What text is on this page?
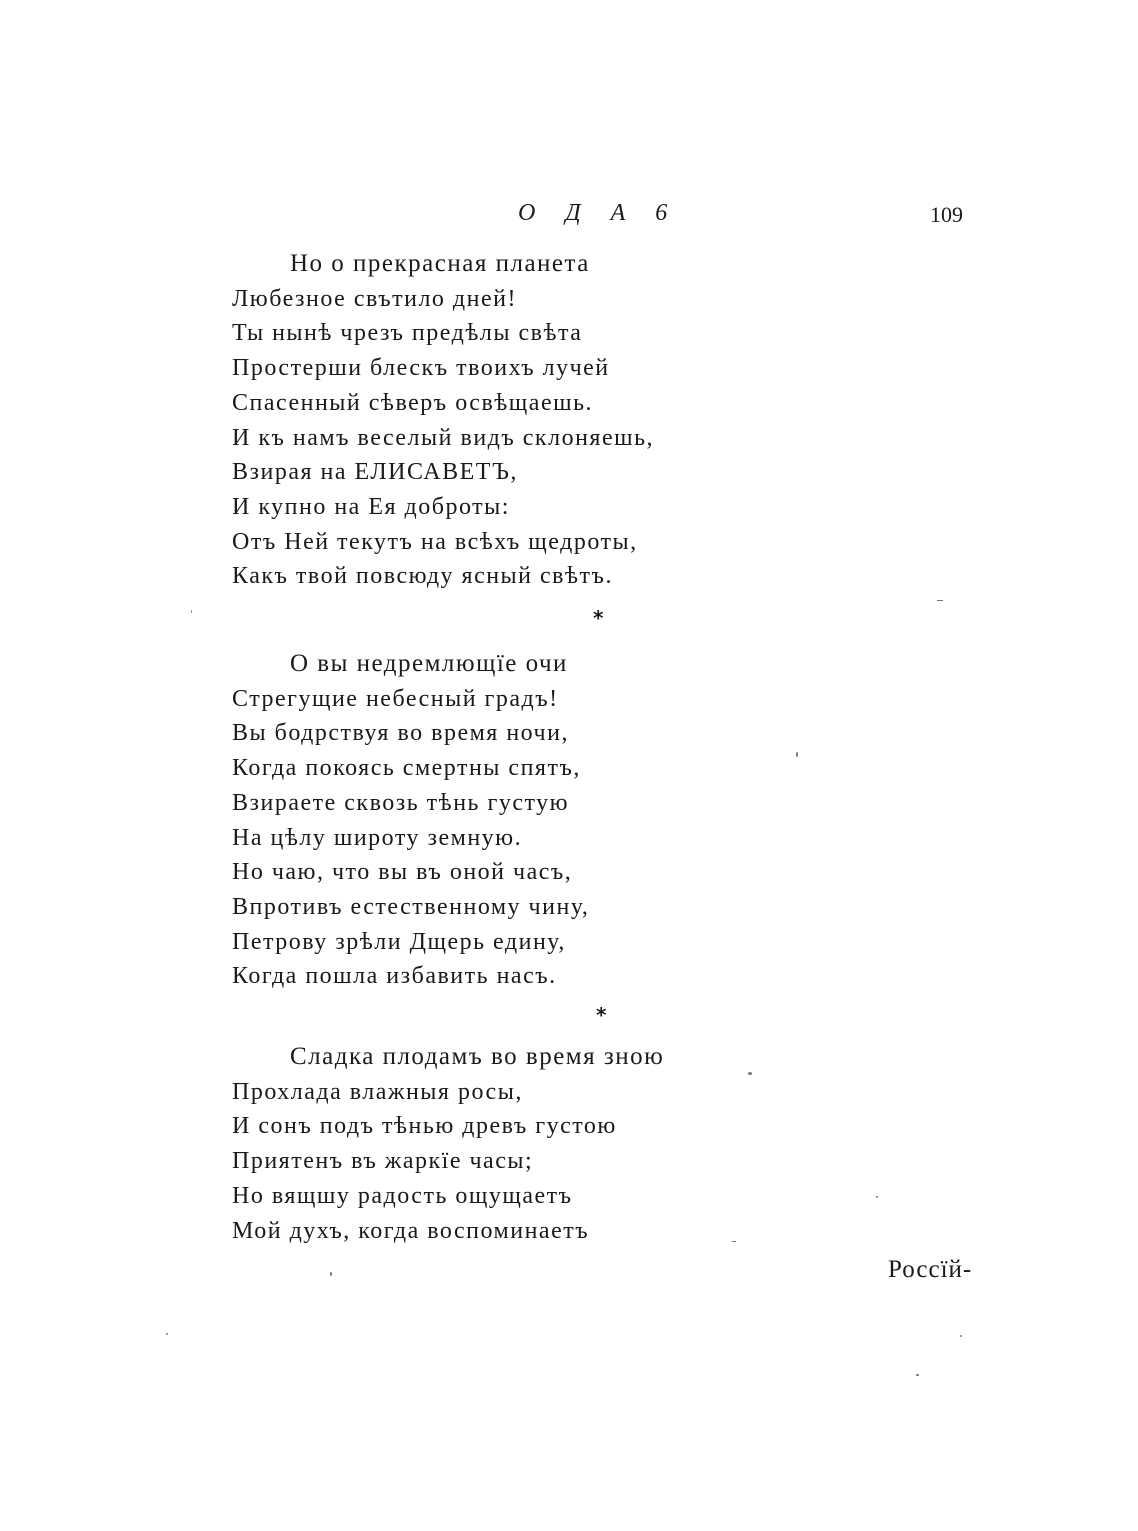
О Д А 6	109
Но о прекрасная планета
Любезное свътило дней!
Ты нынѣ чрезъ предѣлы свѣта
Простерши блескъ твоихъ лучей
Спасенный сѣверъ освѣщаешь.
И къ намъ веселый видъ склоняешь,
Взирая на ЕЛИСАВЕТЪ,
И купно на Ея доброты:
Отъ Ней текутъ на всѣхъ щедроты,
Какъ твой повсюду ясный свѣтъ.
*
О вы недремлющїе очи
Стрегущие небесный градъ!
Вы бодрствуя во время ночи,
Когда покоясь смертны спятъ,
Взираете сквозь тѣнь густую
На цѣлу широту земную.
Но чаю, что вы въ оной часъ,
Впротивъ естественному чину,
Петрову зрѣли Дщерь едину,
Когда пошла избавить насъ.
*
Сладка плодамъ во время зною
Прохлада влажныя росы,
И сонъ подъ тѣнью древъ густою
Приятенъ въ жаркїе часы;
Но вящшу радость ощущаетъ
Мой духъ, когда воспоминаетъ
Россїй-
